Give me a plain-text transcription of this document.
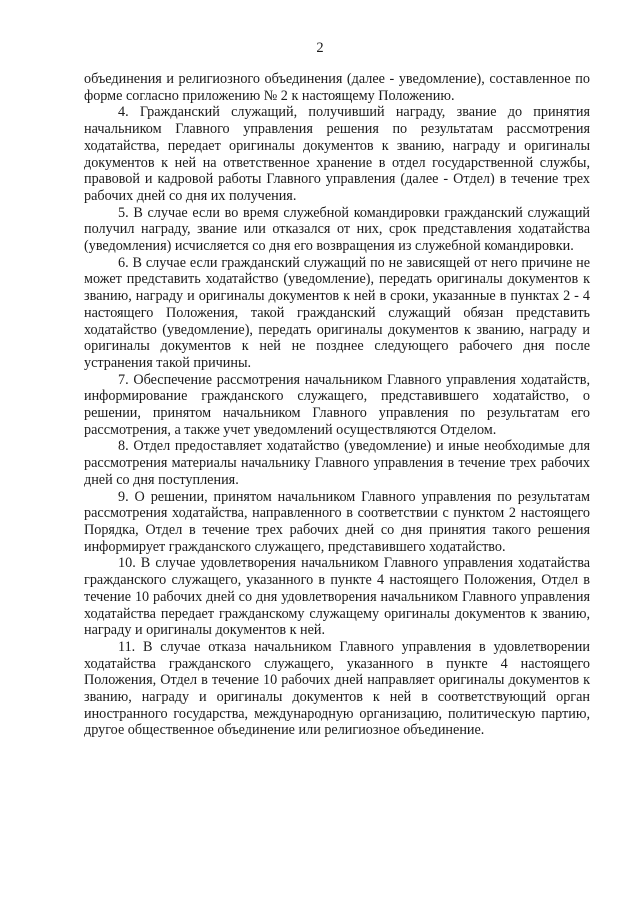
2

объединения и религиозного объединения (далее - уведомление), составленное по форме согласно приложению № 2 к настоящему Положению.

4. Гражданский служащий, получивший награду, звание до принятия начальником Главного управления решения по результатам рассмотрения ходатайства, передает оригиналы документов к званию, награду и оригиналы документов к ней на ответственное хранение в отдел государственной службы, правовой и кадровой работы Главного управления (далее - Отдел) в течение трех рабочих дней со дня их получения.

5. В случае если во время служебной командировки гражданский служащий получил награду, звание или отказался от них, срок представления ходатайства (уведомления) исчисляется со дня его возвращения из служебной командировки.

6. В случае если гражданский служащий по не зависящей от него причине не может представить ходатайство (уведомление), передать оригиналы документов к званию, награду и оригиналы документов к ней в сроки, указанные в пунктах 2 - 4 настоящего Положения, такой гражданский служащий обязан представить ходатайство (уведомление), передать оригиналы документов к званию, награду и оригиналы документов к ней не позднее следующего рабочего дня после устранения такой причины.

7. Обеспечение рассмотрения начальником Главного управления ходатайств, информирование гражданского служащего, представившего ходатайство, о решении, принятом начальником Главного управления по результатам его рассмотрения, а также учет уведомлений осуществляются Отделом.

8. Отдел предоставляет ходатайство (уведомление) и иные необходимые для рассмотрения материалы начальнику Главного управления в течение трех рабочих дней со дня поступления.

9. О решении, принятом начальником Главного управления по результатам рассмотрения ходатайства, направленного в соответствии с пунктом 2 настоящего Порядка, Отдел в течение трех рабочих дней со дня принятия такого решения информирует гражданского служащего, представившего ходатайство.

10. В случае удовлетворения начальником Главного управления ходатайства гражданского служащего, указанного в пункте 4 настоящего Положения, Отдел в течение 10 рабочих дней со дня удовлетворения начальником Главного управления ходатайства передает гражданскому служащему оригиналы документов к званию, награду и оригиналы документов к ней.

11. В случае отказа начальником Главного управления в удовлетворении ходатайства гражданского служащего, указанного в пункте 4 настоящего Положения, Отдел в течение 10 рабочих дней направляет оригиналы документов к званию, награду и оригиналы документов к ней в соответствующий орган иностранного государства, международную организацию, политическую партию, другое общественное объединение или религиозное объединение.
